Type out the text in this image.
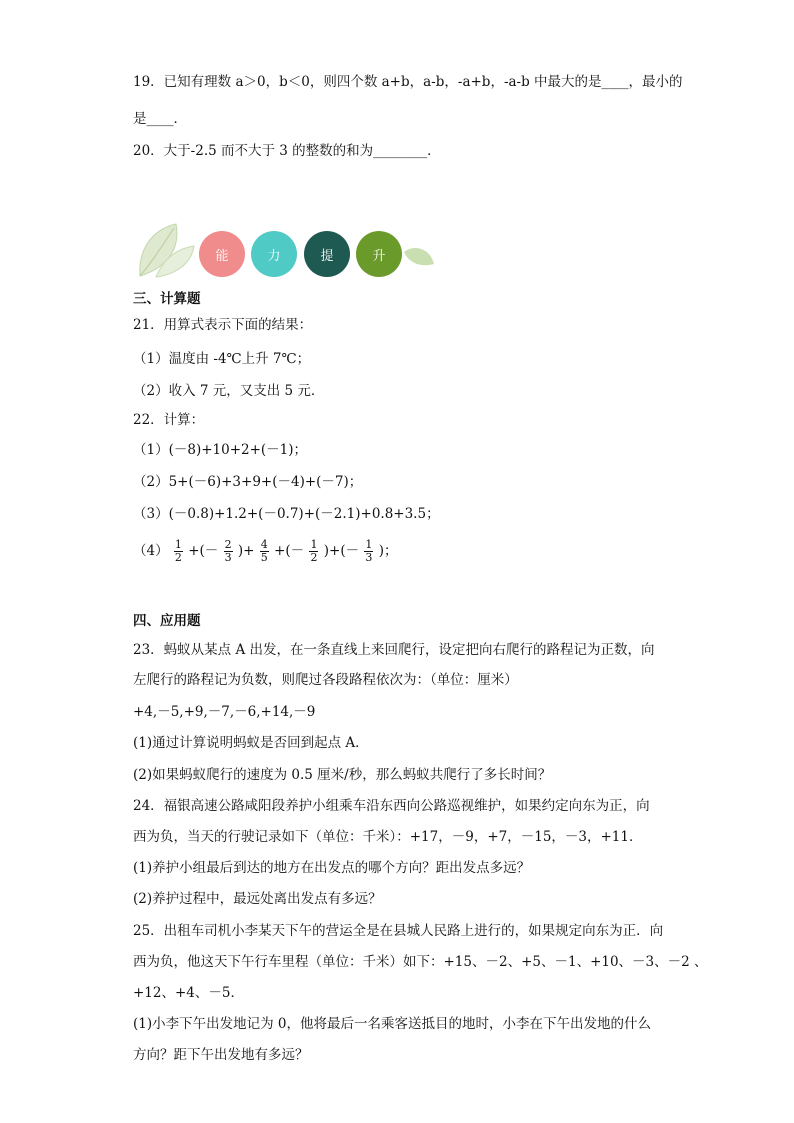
19．已知有理数 a＞0，b＜0，则四个数 a+b，a-b，-a+b，-a-b 中最大的是____，最小的
是____．
20．大于-2.5 而不大于 3 的整数的和为________．
能	力	提	升
三、计算题
21．用算式表示下面的结果：
（1）温度由 -4℃上升 7℃；
（2）收入 7 元，又支出 5 元．
22．计算：
（1）(－8)+10+2+(－1)；
（2）5+(－6)+3+9+(－4)+(－7)；
（3）(－0.8)+1.2+(－0.7)+(－2.1)+0.8+3.5；
$(4) \frac{1}{2}$ +(－ $\frac{2}{3}$ )+ $\frac{4}{5}$ +(－ $\frac{1}{2}$ )+(－ $\frac{1}{3}$ )；
四、应用题
23．蚂蚁从某点 A 出发，在一条直线上来回爬行，设定把向右爬行的路程记为正数，向
左爬行的路程记为负数，则爬过各段路程依次为：（单位：厘米）
+4,－5,+9,－7,－6,+14,－9
(1)通过计算说明蚂蚁是否回到起点 A．
(2)如果蚂蚁爬行的速度为 0.5 厘米/秒，那么蚂蚁共爬行了多长时间？
24．福银高速公路咸阳段养护小组乘车沿东西向公路巡视维护，如果约定向东为正，向
西为负，当天的行驶记录如下（单位：千米）：+17，－9，+7，－15，－3，+11．
(1)养护小组最后到达的地方在出发点的哪个方向？距出发点多远？
(2)养护过程中，最远处离出发点有多远？
25．出租车司机小李某天下午的营运全是在县城人民路上进行的，如果规定向东为正．向
西为负，他这天下午行车里程（单位：千米）如下：+15、－2、+5、－1、+10、－3、－2 、
+12、+4、－5．
(1)小李下午出发地记为 0，他将最后一名乘客送抵目的地时，小李在下午出发地的什么
方向？距下午出发地有多远？
